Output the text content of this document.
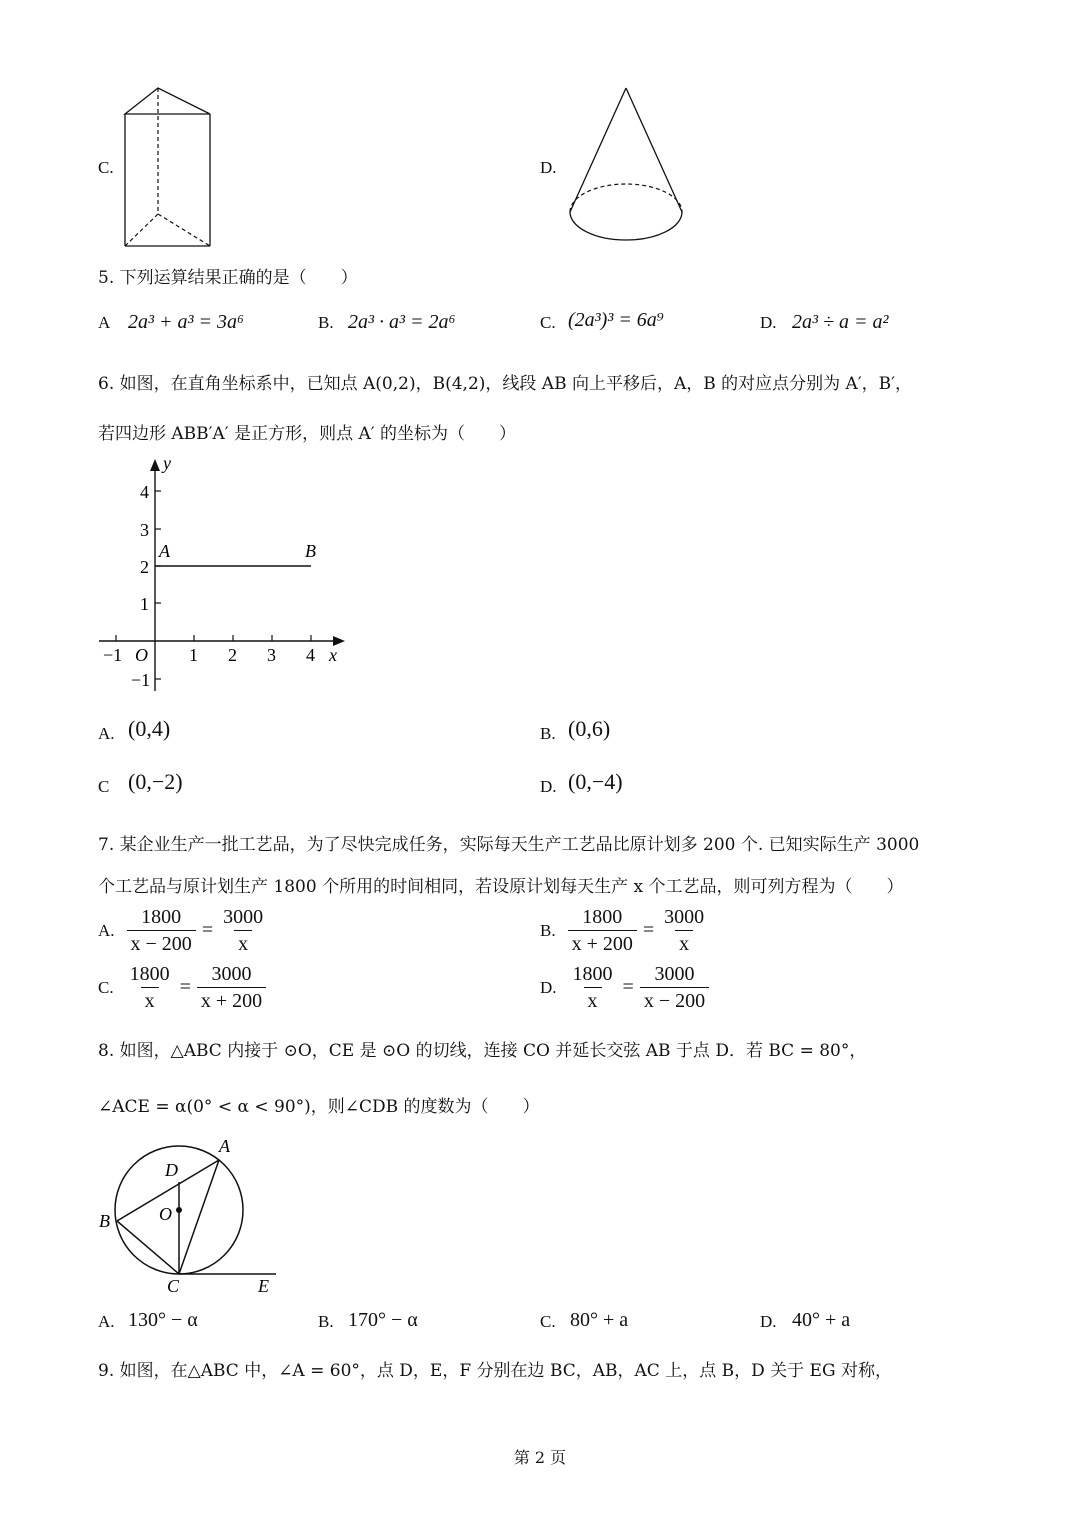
C.	D.
5. 下列运算结果正确的是（　　）
A 2a³ + a³ = 3a⁶	B. 2a³ · a³ = 2a⁶	C. (2a³)³ = 6a⁹	D. 2a³ ÷ a = a²
6. 如图，在直角坐标系中，已知点 A(0,2)，B(4,2)，线段 AB 向上平移后，A，B 的对应点分别为 A′，B′，
若四边形 ABB′A′ 是正方形，则点 A′ 的坐标为（　　）
y
x
O
A	B
−1	1 2 3 4
4
3
2
1
−1
A. (0,4)	B. (0,6)
C (0,−2)	D. (0,−4)
7. 某企业生产一批工艺品，为了尽快完成任务，实际每天生产工艺品比原计划多 200 个. 已知实际生产 3000
个工艺品与原计划生产 1800 个所用的时间相同，若设原计划每天生产 x 个工艺品，则可列方程为（　　）
A. $\frac{1800}{x - 200} = \frac{3000}{x}$	B. $\frac{1800}{x + 200} = \frac{3000}{x}$
C. $\frac{1800}{x} = \frac{3000}{x + 200}$	D. $\frac{1800}{x} = \frac{3000}{x - 200}$
8. 如图，△ABC 内接于 ⊙O，CE 是 ⊙O 的切线，连接 CO 并延长交弦 AB 于点 D．若 BC = 80°，
∠ACE = α(0° < α < 90°)，则∠CDB 的度数为（　　）
A
B
C
D
E
O
A. 130° − α	B. 170° − α	C. 80° + a	D. 40° + a
9. 如图，在△ABC 中，∠A = 60°，点 D，E，F 分别在边 BC，AB，AC 上，点 B，D 关于 EG 对称，
第 2 页
